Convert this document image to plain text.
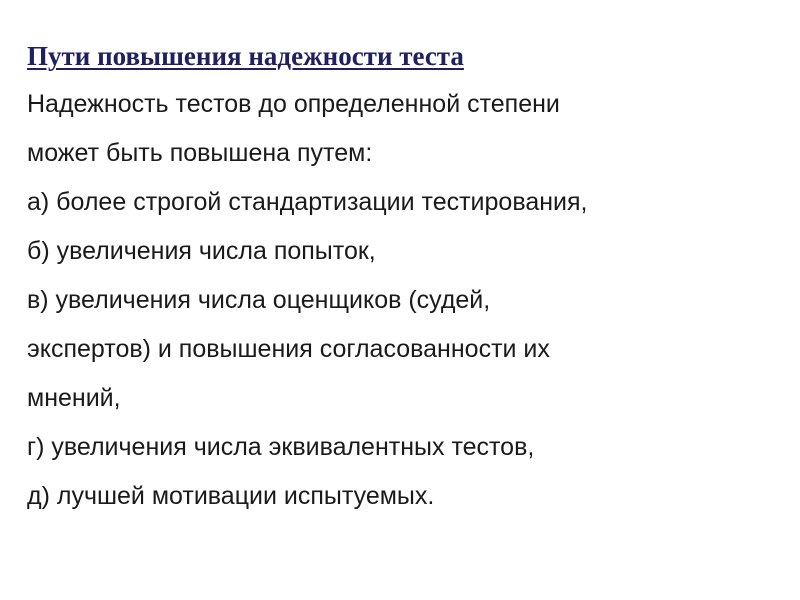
Пути повышения надежности теста

Надежность тестов до определенной степени

может быть повышена путем:

а) более строгой стандартизации тестирования,

б) увеличения числа попыток,

в) увеличения числа оценщиков (судей,

экспертов) и повышения согласованности их

мнений,

г) увеличения числа эквивалентных тестов,

д) лучшей мотивации испытуемых.
